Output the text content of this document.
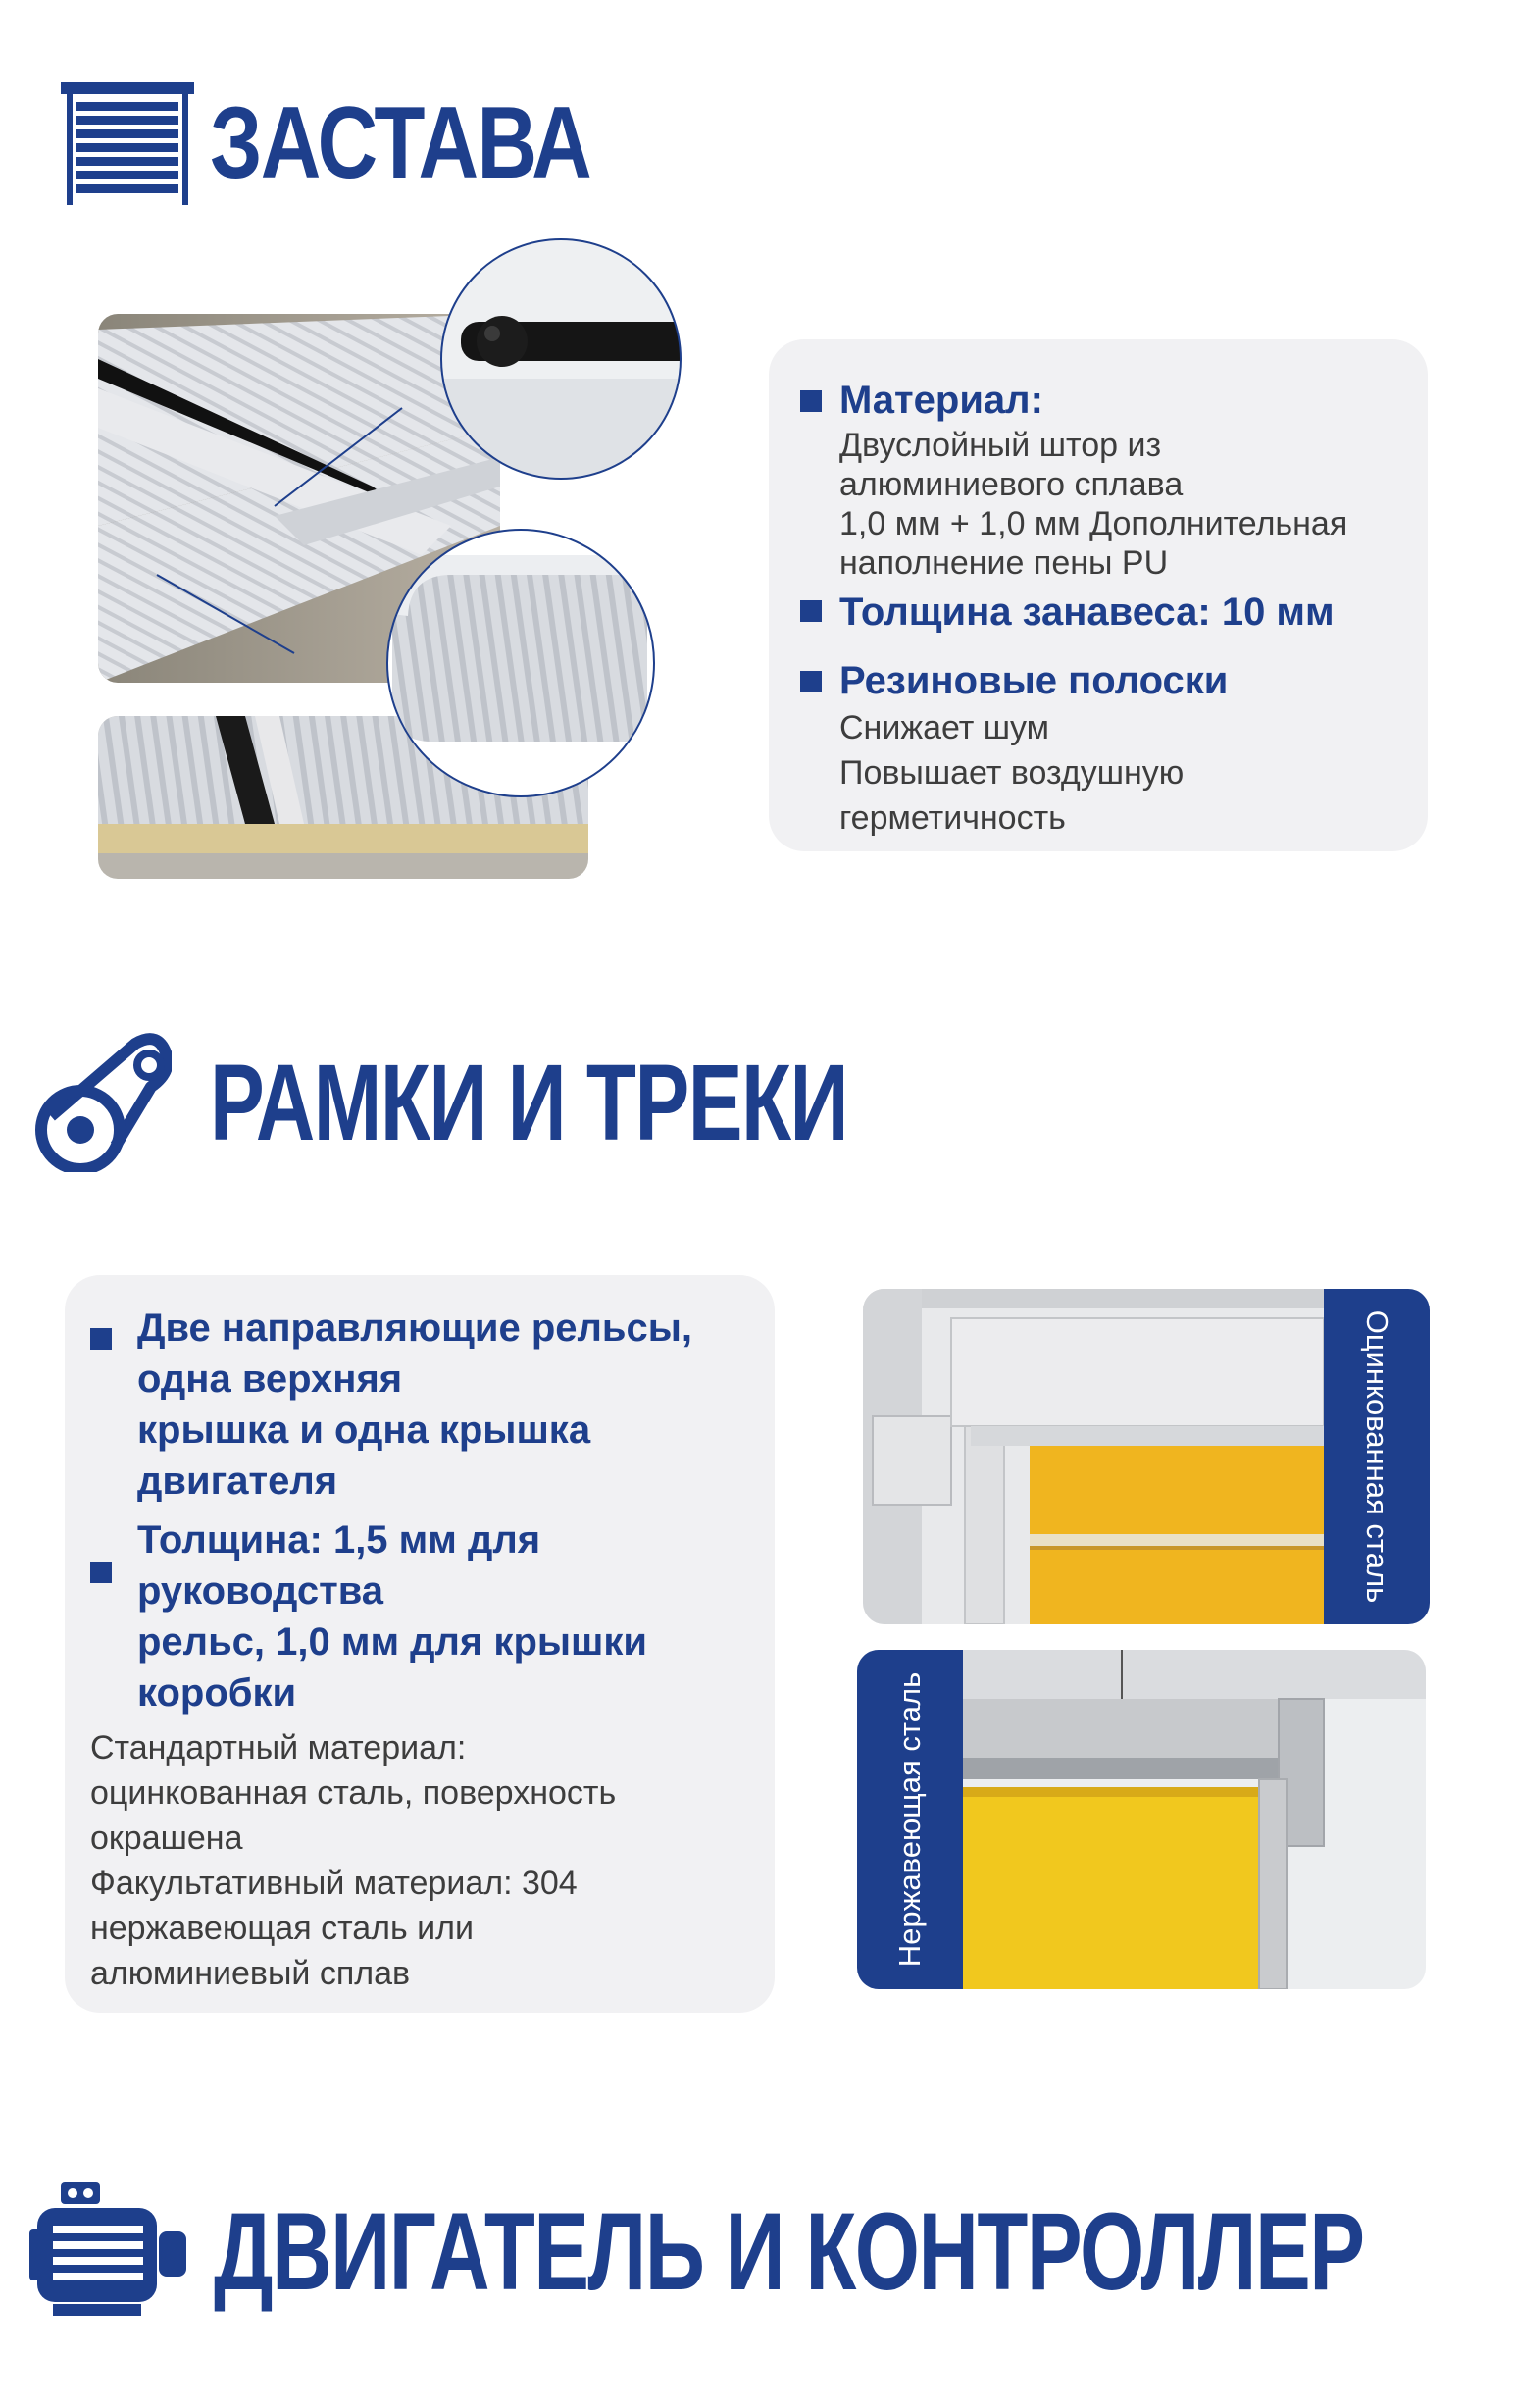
ЗАСТАВА
Материал:
Двуслойный штор из
алюминиевого сплава
1,0 мм + 1,0 мм Дополнительная
наполнение пены PU
Толщина занавеса: 10 мм
Резиновые полоски
Снижает шум
Повышает воздушную
герметичность
РАМКИ И ТРЕКИ
Две направляющие рельсы,
одна верхняя
крышка и одна крышка
двигателя
Толщина: 1,5 мм для
руководства
рельс, 1,0 мм для крышки
коробки
Стандартный материал:
оцинкованная сталь, поверхность
окрашена
Факультативный материал: 304
нержавеющая сталь или
алюминиевый сплав
Оцинкованная сталь
Нержавеющая сталь
ДВИГАТЕЛЬ И КОНТРОЛЛЕР
